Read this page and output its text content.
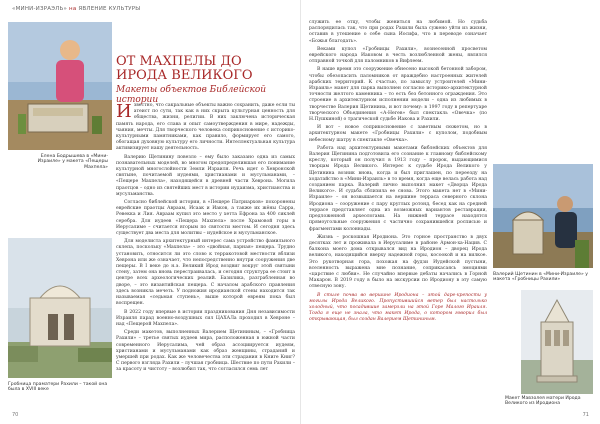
«МИНИ-ИЗРАЭЛЬ» на ЯВЛЕНИЕ КУЛЬТУРЫ
Елена Бодрышева в «Мини-Израиле» у макета «Пещеры Махпела»
ОТ МАХПЕЛЫ ДО ИРОДА ВЕЛИКОГО
Макеты объектов Библейской истории

Известно, что сакральные объекты важно сохранить, даже если ты атеист по сути, так как в них скрыта культурная ценность для общества, жизни, религии. В них заключена историческая память народа, его слава и опыт самоутверждения в мире, надежды, чаяния, мечты. Для творческого человека соприкосновение с историко-культурными памятниками, как правило, формирует его самого, обогащая духовную культуру его личности. Интеллектуальная культура активизирует нашу деятельность.

Валерию Щетинину повезло – ему было заказано одна из самых познавательных моделей, во многом предопределившая его понимание культурной многослойности Земли Израиля. Речь идет о Хевронской святыне, почитаемой иудеями, христианами и мусульманами, – «Пещере Махпела», находящейся в древней части Хеврона. Могила праотцов – одно из святейших мест в истории иудаизма, христианства и мусульманства.

Согласно библейской истории, в «Пещере Патриархов» похоронены еврейские праотцы Авраам, Исаак и Иаков, а также их жёны Сарра, Ревекка и Лия. Авраам купил это место у хетта Ефрона за 400 сиклей серебра. Для иудеев «Пещера Махпела» после Храмовой горы в Иерусалиме – считается вторым по святости местом. И сегодня здесь существует два места для молитвы – иудейское и мусульманское.

Для моделиста архитектурный интерес сама устройство фамильного склепа, поскольку «Махпела» – это «двойная, парная» пещера. Трудно установить, относится ли это слово к терракотовой местности вблизи Хеврона или же означает, что непосредственно внутри сооружения две пещеры. В I веке до н.э. Великий Ирод воздвиг вокруг этой святыни стену, затем она вновь перестраивалась, и сегодня структура ее стоит в центре всех археологических реалий. Базилика, разграбленная во дворе, – это византийская пещера. С началом арабского правления здесь возникла мечеть. У подножия иродианской стены находится так называемая «седьмая ступень», выше которой евреям пока был воспрещен.

В 2022 году впервые в истории праздникования Дня независимости Израиля парад военно-воздушных сил ЦАХАЛа проходил в Хевроне – над «Пещерой Махпела».

Среди макетов, выполненных Валерием Щетининым, – «Гробница Рахили» – третье святых иудеев мира, расположенная в южной части современного Иерусалима, чей образ ассоциируется иудеям, христианами и мусульманами как образ женщины, страданий и умершей при родах. Как же человечества эти страдания в Книге Книг? С первого взгляда Рахили – лучшая гробница. Шествие по пути Рахили – за красоту и чистоту – возлюбил так, что согласился семь лет

Гробница праматери Рахили – такой она была в XVIII веке
70

служить ее отцу, чтобы жениться на любимой. Но судьба распорядилась так, что при родах Рахили была сужено уйти из жизни, оставив в утешение о себе сына Иосифа, что в переводе означает «Божья благодать».

Веками купол «Гробницы Рахили», вознесенной просветом еврейского народа Иаковом в честь возлюбленной жены, являлся отправной точкой для паломников в Вифлеем.

В наше время это сооружение обнесено высокой бетонной забором, чтобы обезопасить паломников от враждебно настроенных жителей арабских территорий. К счастью, по замыслу устроителей «Мини-Израиль» макет для парка выполнен согласно историко-архитектурной точности желтого каменника – то есть без бетонного ограждения. Это строение в архитектурном исполнении модели – одна из любимых в творчестве Валерия Щетинина, и вот почему: в 1997 году в репертуаре творческого Объединения «А-Негев» был спектакль «Овечка» (по Н.Пушкиной) о трагической судьбе Иакова и Рахили.

И вот – новое соприкосновение с заветным сюжетом, но в архитектурном макете «Гробницы Рахили» с куполом, подобным небесному шатру в спектакле «Овечка».

Работа над архитектурными макетами библейских объектов для Валерия Щетинина подготовила его сознание к главному библейскому креслу, который он получил в 1913 году – пророк, выдающимися творцам Ирода Великого. Интерес к судьбе Ирода Великого у Щетинина возник вновь, когда и был приглашен, по переезду на ходатайство в «Мини-Израиль» в то время, когда еще велась работа над созданием парка. Валерий лично выполнил макет «Дворца Ирода Великого». И судьба сблизила ее снова. Этого макета нет в «Мини-Израиле» – он возвышается на вершине терраса северного склона Иродиона – сооружение с пару круглых ротонд, бесед как на средней террасе представляет одна из возможных вариантов реставрации, предложенной археологами. На нижней террасе находятся прямоугольные сооружения с частично сохранившейся росписью и фрагментами колоннады.

Жизнь – роскошная Иродиона. Это горное пространство в двух десятках лет и проживала в Иерусалиме в районе Армон-ха-Нацив. С балкона моего дома открывался вид на Иродион – дворец Ирода великого, находящийся вверху надежной горы, косоокой и на вилкое. Это рукотворная гора, похожая на фудзи Иудейской пустыни, вселенность выражена мне познание, соприкасаясь эмоциями «царствие с любви». Не случайно впервые дебаты начались в Горной Макарон. В 2019 году в было на экскурсии по Иродиону в эту самую отвесную зону.

В стиле почва во вершине Иродиона – этой даре-крепости у могилы Ирода Великого. Пропустившийся ветер был настолько холодный, что посадившие замерзли на этой Горе Малого Ираиля. Тогда я еще не знала, что макет Ирода, о котором говорил был открывающая, был создан Валерием Щетининым.

Валерий Щетинин в «Мини-Израиле» у макета «Гробницы Рахили»
Макет Мавзолея матери Ирода Великого из Иродиона
71
